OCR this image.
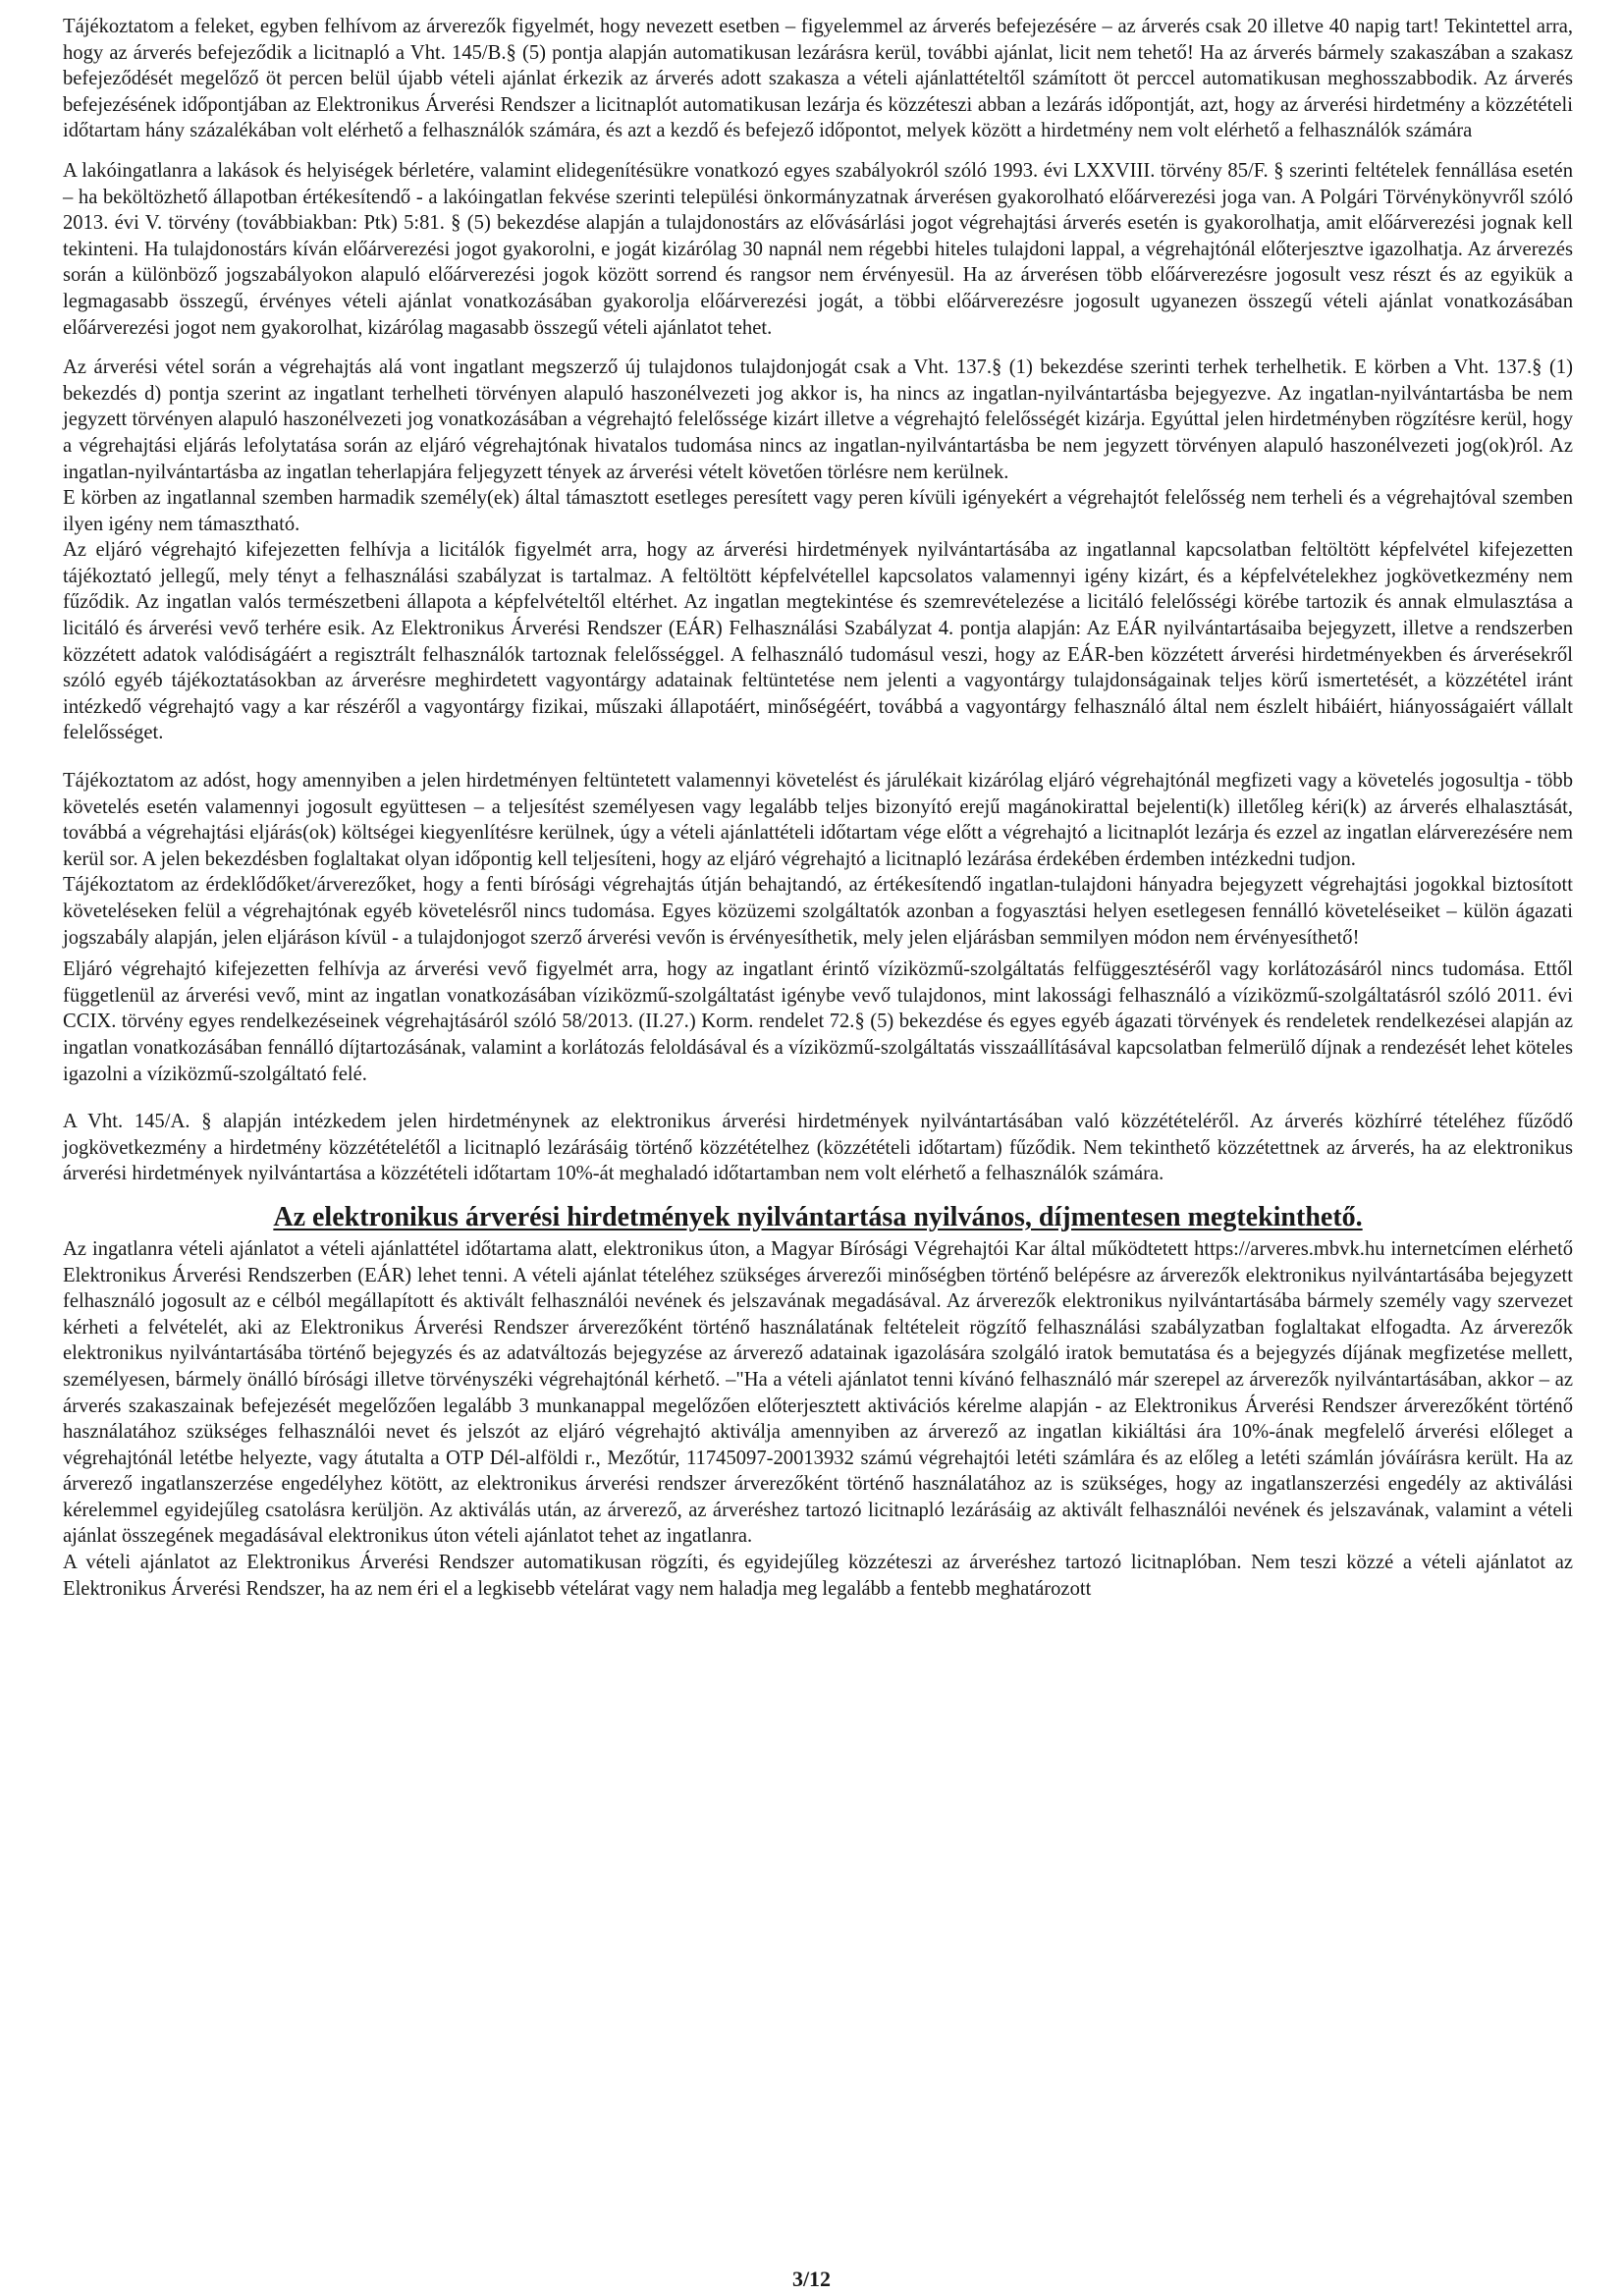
Tájékoztatom a feleket, egyben felhívom az árverezők figyelmét, hogy nevezett esetben – figyelemmel az árverés befejezésére – az árverés csak 20 illetve 40 napig tart! Tekintettel arra, hogy az árverés befejeződik a licitnapló a Vht. 145/B.§ (5) pontja alapján automatikusan lezárásra kerül, további ajánlat, licit nem tehető! Ha az árverés bármely szakaszában a szakasz befejeződését megelőző öt percen belül újabb vételi ajánlat érkezik az árverés adott szakasza a vételi ajánlattételtől számított öt perccel automatikusan meghosszabbodik. Az árverés befejezésének időpontjában az Elektronikus Árverési Rendszer a licitnaplót automatikusan lezárja és közzéteszi abban a lezárás időpontját, azt, hogy az árverési hirdetmény a közzétételi időtartam hány százalékában volt elérhető a felhasználók számára, és azt a kezdő és befejező időpontot, melyek között a hirdetmény nem volt elérhető a felhasználók számára

A lakóingatlanra a lakások és helyiségek bérletére, valamint elidegenítésükre vonatkozó egyes szabályokról szóló 1993. évi LXXVIII. törvény 85/F. § szerinti feltételek fennállása esetén – ha beköltözhető állapotban értékesítendő - a lakóingatlan fekvése szerinti települési önkormányzatnak árverésen gyakorolható előárverezési joga van. A Polgári Törvénykönyvről szóló 2013. évi V. törvény (továbbiakban: Ptk) 5:81. § (5) bekezdése alapján a tulajdonostárs az elővásárlási jogot végrehajtási árverés esetén is gyakorolhatja, amit előárverezési jognak kell tekinteni. Ha tulajdonostárs kíván előárverezési jogot gyakorolni, e jogát kizárólag 30 napnál nem régebbi hiteles tulajdoni lappal, a végrehajtónál előterjesztve igazolhatja. Az árverezés során a különböző jogszabályokon alapuló előárverezési jogok között sorrend és rangsor nem érvényesül. Ha az árverésen több előárverezésre jogosult vesz részt és az egyikük a legmagasabb összegű, érvényes vételi ajánlat vonatkozásában gyakorolja előárverezési jogát, a többi előárverezésre jogosult ugyanezen összegű vételi ajánlat vonatkozásában előárverezési jogot nem gyakorolhat, kizárólag magasabb összegű vételi ajánlatot tehet.

Az árverési vétel során a végrehajtás alá vont ingatlant megszerző új tulajdonos tulajdonjogát csak a Vht. 137.§ (1) bekezdése szerinti terhek terhelhetik. E körben a Vht. 137.§ (1) bekezdés d) pontja szerint az ingatlant terhelheti törvényen alapuló haszonélvezeti jog akkor is, ha nincs az ingatlan-nyilvántartásba bejegyezve. Az ingatlan-nyilvántartásba be nem jegyzett törvényen alapuló haszonélvezeti jog vonatkozásában a végrehajtó felelőssége kizárt illetve a végrehajtó felelősségét kizárja. Egyúttal jelen hirdetményben rögzítésre kerül, hogy a végrehajtási eljárás lefolytatása során az eljáró végrehajtónak hivatalos tudomása nincs az ingatlan-nyilvántartásba be nem jegyzett törvényen alapuló haszonélvezeti jog(ok)ról. Az ingatlan-nyilvántartásba az ingatlan teherlapjára feljegyzett tények az árverési vételt követően törlésre nem kerülnek.

E körben az ingatlannal szemben harmadik személy(ek) által támasztott esetleges peresített vagy peren kívüli igényekért a végrehajtót felelősség nem terheli és a végrehajtóval szemben ilyen igény nem támasztható.

Az eljáró végrehajtó kifejezetten felhívja a licitálók figyelmét arra, hogy az árverési hirdetmények nyilvántartásába az ingatlannal kapcsolatban feltöltött képfelvétel kifejezetten tájékoztató jellegű, mely tényt a felhasználási szabályzat is tartalmaz. A feltöltött képfelvétellel kapcsolatos valamennyi igény kizárt, és a képfelvételekhez jogkövetkezmény nem fűződik. Az ingatlan valós természetbeni állapota a képfelvételtől eltérhet. Az ingatlan megtekintése és szemrevételezése a licitáló felelősségi körébe tartozik és annak elmulasztása a licitáló és árverési vevő terhére esik. Az Elektronikus Árverési Rendszer (EÁR) Felhasználási Szabályzat 4. pontja alapján: Az EÁR nyilvántartásaiba bejegyzett, illetve a rendszerben közzétett adatok valódiságáért a regisztrált felhasználók tartoznak felelősséggel. A felhasználó tudomásul veszi, hogy az EÁR-ben közzétett árverési hirdetményekben és árverésekről szóló egyéb tájékoztatásokban az árverésre meghirdetett vagyontárgy adatainak feltüntetése nem jelenti a vagyontárgy tulajdonságainak teljes körű ismertetését, a közzététel iránt intézkedő végrehajtó vagy a kar részéről a vagyontárgy fizikai, műszaki állapotáért, minőségéért, továbbá a vagyontárgy felhasználó által nem észlelt hibáiért, hiányosságaiért vállalt felelősséget.

Tájékoztatom az adóst, hogy amennyiben a jelen hirdetményen feltüntetett valamennyi követelést és járulékait kizárólag eljáró végrehajtónál megfizeti vagy a követelés jogosultja - több követelés esetén valamennyi jogosult együttesen – a teljesítést személyesen vagy legalább teljes bizonyító erejű magánokirattal bejelenti(k) illetőleg kéri(k) az árverés elhalasztását, továbbá a végrehajtási eljárás(ok) költségei kiegyenlítésre kerülnek, úgy a vételi ajánlattételi időtartam vége előtt a végrehajtó a licitnaplót lezárja és ezzel az ingatlan elárverezésére nem kerül sor. A jelen bekezdésben foglaltakat olyan időpontig kell teljesíteni, hogy az eljáró végrehajtó a licitnapló lezárása érdekében érdemben intézkedni tudjon.

Tájékoztatom az érdeklődőket/árverezőket, hogy a fenti bírósági végrehajtás útján behajtandó, az értékesítendő ingatlan-tulajdoni hányadra bejegyzett végrehajtási jogokkal biztosított követeléseken felül a végrehajtónak egyéb követelésről nincs tudomása. Egyes közüzemi szolgáltatók azonban a fogyasztási helyen esetlegesen fennálló követeléseiket – külön ágazati jogszabály alapján, jelen eljáráson kívül - a tulajdonjogot szerző árverési vevőn is érvényesíthetik, mely jelen eljárásban semmilyen módon nem érvényesíthető!

Eljáró végrehajtó kifejezetten felhívja az árverési vevő figyelmét arra, hogy az ingatlant érintő víziközmű-szolgáltatás felfüggesztéséről vagy korlátozásáról nincs tudomása. Ettől függetlenül az árverési vevő, mint az ingatlan vonatkozásában víziközmű-szolgáltatást igénybe vevő tulajdonos, mint lakossági felhasználó a víziközmű-szolgáltatásról szóló 2011. évi CCIX. törvény egyes rendelkezéseinek végrehajtásáról szóló 58/2013. (II.27.) Korm. rendelet 72.§ (5) bekezdése és egyes egyéb ágazati törvények és rendeletek rendelkezései alapján az ingatlan vonatkozásában fennálló díjtartozásának, valamint a korlátozás feloldásával és a víziközmű-szolgáltatás visszaállításával kapcsolatban felmerülő díjnak a rendezését lehet köteles igazolni a víziközmű-szolgáltató felé.

A Vht. 145/A. § alapján intézkedem jelen hirdetménynek az elektronikus árverési hirdetmények nyilvántartásában való közzétételéről. Az árverés közhírré tételéhez fűződő jogkövetkezmény a hirdetmény közzétételétől a licitnapló lezárásáig történő közzétételhez (közzétételi időtartam) fűződik. Nem tekinthető közzétettnek az árverés, ha az elektronikus árverési hirdetmények nyilvántartása a közzétételi időtartam 10%-át meghaladó időtartamban nem volt elérhető a felhasználók számára.

Az elektronikus árverési hirdetmények nyilvántartása nyilvános, díjmentesen megtekinthető.

Az ingatlanra vételi ajánlatot a vételi ajánlattétel időtartama alatt, elektronikus úton, a Magyar Bírósági Végrehajtói Kar által működtetett https://arveres.mbvk.hu internetcímen elérhető Elektronikus Árverési Rendszerben (EÁR) lehet tenni. A vételi ajánlat tételéhez szükséges árverezői minőségben történő belépésre az árverezők elektronikus nyilvántartásába bejegyzett felhasználó jogosult az e célból megállapított és aktivált felhasználói nevének és jelszavának megadásával. Az árverezők elektronikus nyilvántartásába bármely személy vagy szervezet kérheti a felvételét, aki az Elektronikus Árverési Rendszer árverezőként történő használatának feltételeit rögzítő felhasználási szabályzatban foglaltakat elfogadta. Az árverezők elektronikus nyilvántartásába történő bejegyzés és az adatváltozás bejegyzése az árverező adatainak igazolására szolgáló iratok bemutatása és a bejegyzés díjának megfizetése mellett, személyesen, bármely önálló bírósági illetve törvényszéki végrehajtónál kérhető. –"Ha a vételi ajánlatot tenni kívánó felhasználó már szerepel az árverezők nyilvántartásában, akkor – az árverés szakaszainak befejezését megelőzően legalább 3 munkanappal megelőzően előterjesztett aktivációs kérelme alapján - az Elektronikus Árverési Rendszer árverezőként történő használatához szükséges felhasználói nevet és jelszót az eljáró végrehajtó aktiválja amennyiben az árverező az ingatlan kikiáltási ára 10%-ának megfelelő árverési előleget a végrehajtónál letétbe helyezte, vagy átutalta a OTP Dél-alföldi r., Mezőtúr, 11745097-20013932 számú végrehajtói letéti számlára és az előleg a letéti számlán jóváírásra került. Ha az árverező ingatlanszerzése engedélyhez kötött, az elektronikus árverési rendszer árverezőként történő használatához az is szükséges, hogy az ingatlanszerzési engedély az aktiválási kérelemmel egyidejűleg csatolásra kerüljön. Az aktiválás után, az árverező, az árveréshez tartozó licitnapló lezárásáig az aktivált felhasználói nevének és jelszavának, valamint a vételi ajánlat összegének megadásával elektronikus úton vételi ajánlatot tehet az ingatlanra.

A vételi ajánlatot az Elektronikus Árverési Rendszer automatikusan rögzíti, és egyidejűleg közzéteszi az árveréshez tartozó licitnaplóban. Nem teszi közzé a vételi ajánlatot az Elektronikus Árverési Rendszer, ha az nem éri el a legkisebb vételárat vagy nem haladja meg legalább a fentebb meghatározott

3/12
